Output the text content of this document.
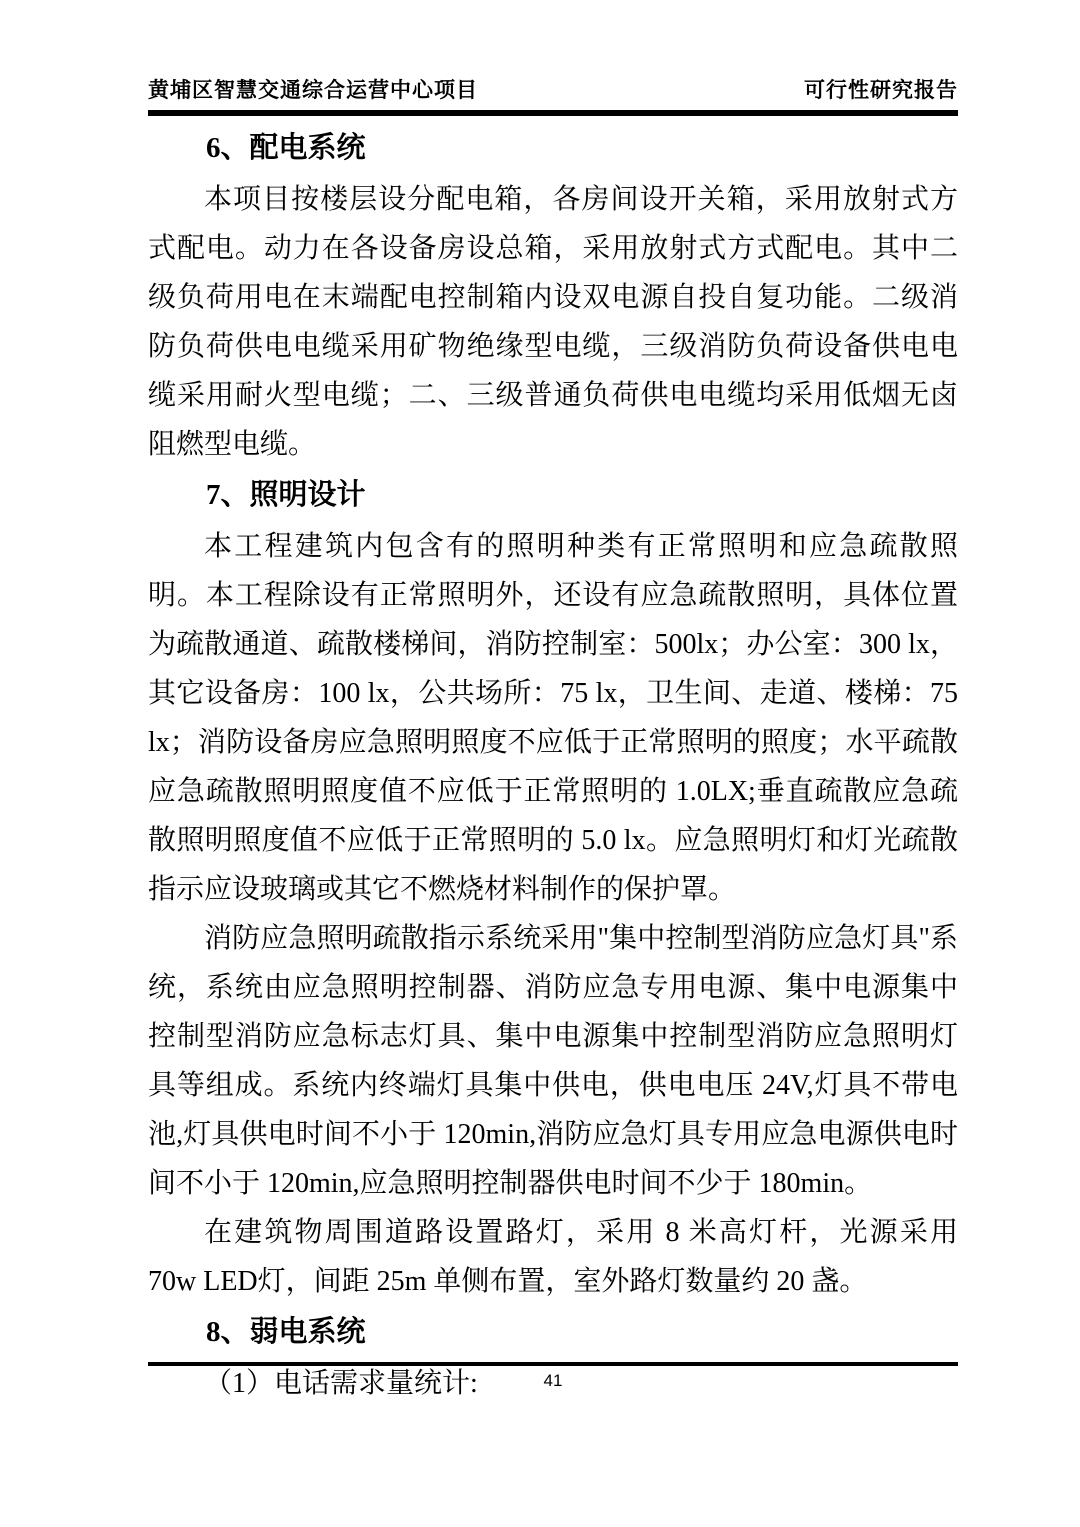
黄埔区智慧交通综合运营中心项目	可行性研究报告
6、配电系统

本项目按楼层设分配电箱，各房间设开关箱，采用放射式方式配电。动力在各设备房设总箱，采用放射式方式配电。其中二级负荷用电在末端配电控制箱内设双电源自投自复功能。二级消防负荷供电电缆采用矿物绝缘型电缆，三级消防负荷设备供电电缆采用耐火型电缆；二、三级普通负荷供电电缆均采用低烟无卤阻燃型电缆。

7、照明设计

本工程建筑内包含有的照明种类有正常照明和应急疏散照明。本工程除设有正常照明外，还设有应急疏散照明，具体位置为疏散通道、疏散楼梯间，消防控制室：500lx；办公室：300 lx，其它设备房：100 lx，公共场所：75 lx，卫生间、走道、楼梯：75 lx；消防设备房应急照明照度不应低于正常照明的照度；水平疏散应急疏散照明照度值不应低于正常照明的 1.0LX;垂直疏散应急疏散照明照度值不应低于正常照明的 5.0 lx。应急照明灯和灯光疏散指示应设玻璃或其它不燃烧材料制作的保护罩。

消防应急照明疏散指示系统采用"集中控制型消防应急灯具"系统，系统由应急照明控制器、消防应急专用电源、集中电源集中控制型消防应急标志灯具、集中电源集中控制型消防应急照明灯具等组成。系统内终端灯具集中供电，供电电压 24V,灯具不带电池,灯具供电时间不小于 120min,消防应急灯具专用应急电源供电时间不小于 120min,应急照明控制器供电时间不少于 180min。

在建筑物周围道路设置路灯，采用 8 米高灯杆，光源采用 70w LED灯，间距 25m 单侧布置，室外路灯数量约 20 盏。

8、弱电系统

（1）电话需求量统计:	41
